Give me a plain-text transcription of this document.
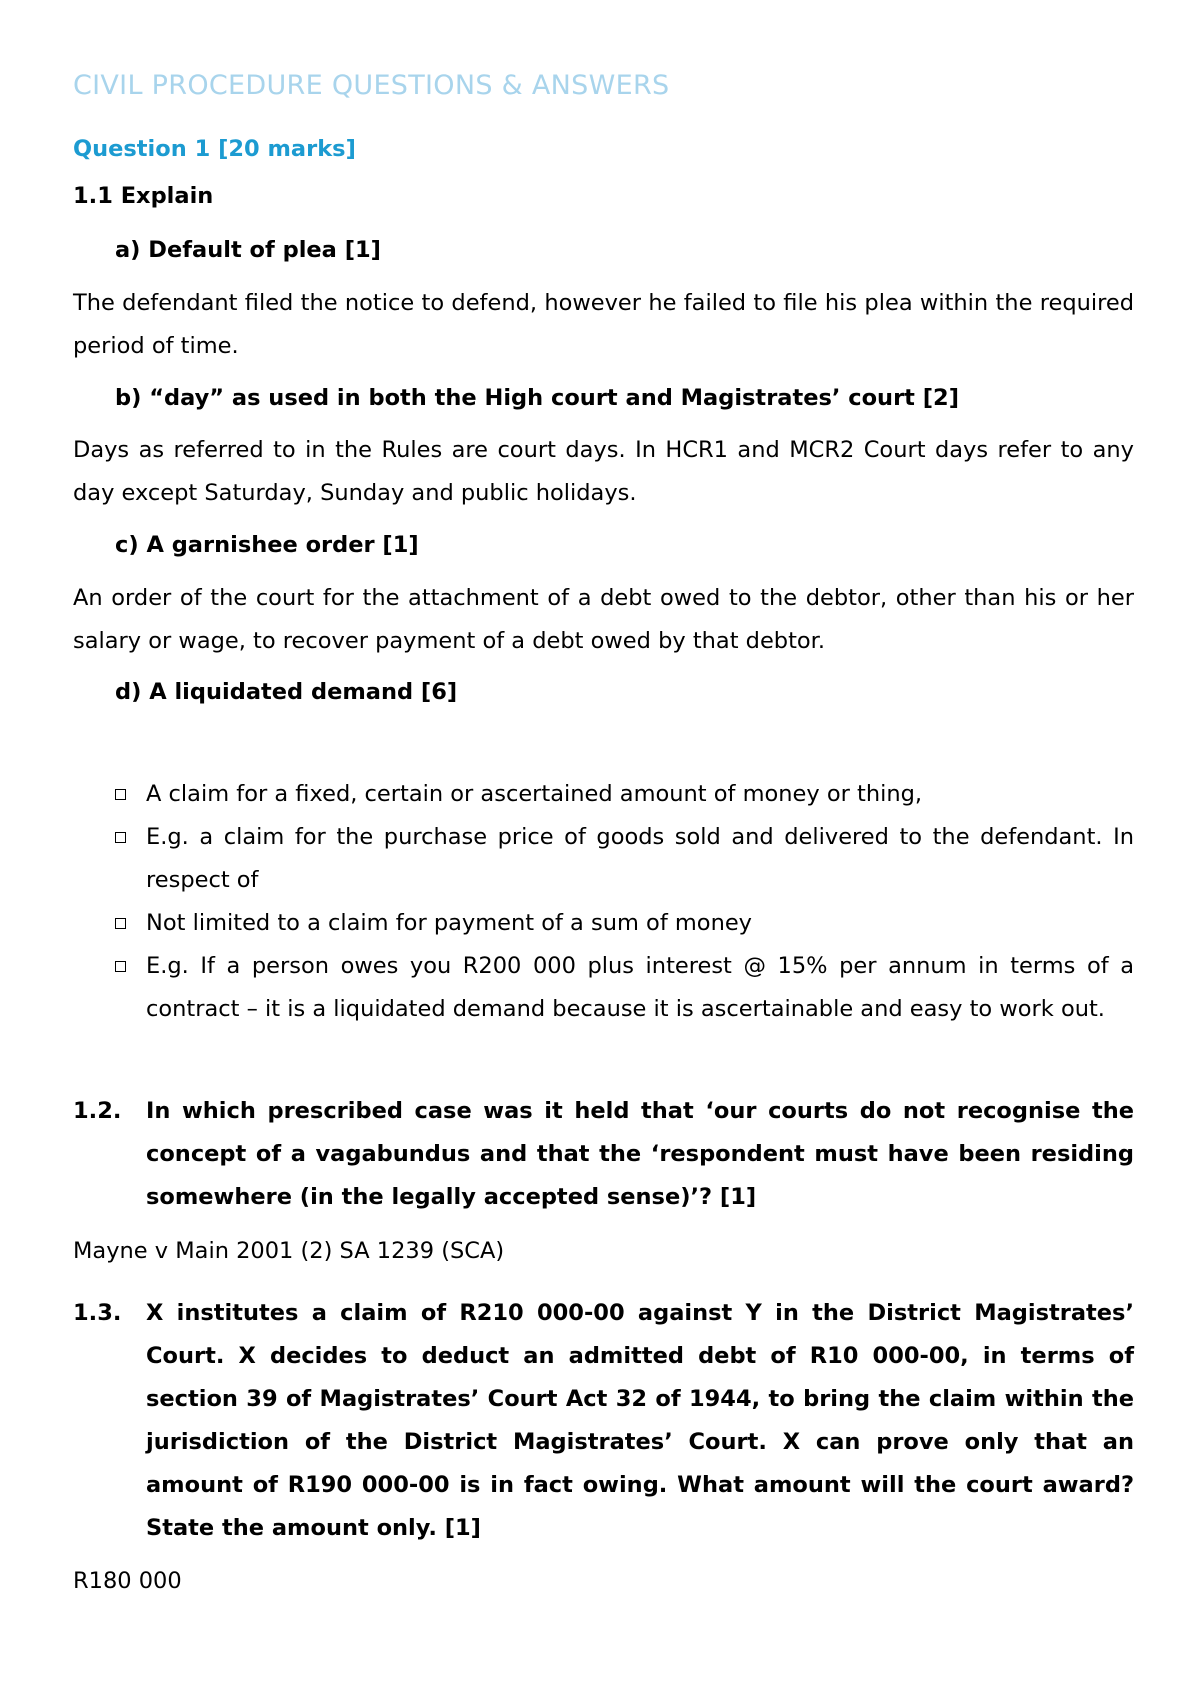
CIVIL PROCEDURE QUESTIONS & ANSWERS
Question 1 [20 marks]
1.1 Explain
a) Default of plea [1]
The defendant filed the notice to defend, however he failed to file his plea within the required period of time.
b) “day” as used in both the High court and Magistrates’ court [2]
Days as referred to in the Rules are court days. In HCR1 and MCR2 Court days refer to any day except Saturday, Sunday and public holidays.
c) A garnishee order [1]
An order of the court for the attachment of a debt owed to the debtor, other than his or her salary or wage, to recover payment of a debt owed by that debtor.
d) A liquidated demand [6]
A claim for a fixed, certain or ascertained amount of money or thing,
E.g. a claim for the purchase price of goods sold and delivered to the defendant. In respect of
Not limited to a claim for payment of a sum of money
E.g. If a person owes you R200 000 plus interest @ 15% per annum in terms of a contract – it is a liquidated demand because it is ascertainable and easy to work out.
1.2. In which prescribed case was it held that ‘our courts do not recognise the concept of a vagabundus and that the ‘respondent must have been residing somewhere (in the legally accepted sense)’? [1]
Mayne v Main 2001 (2) SA 1239 (SCA)
1.3. X institutes a claim of R210 000-00 against Y in the District Magistrates’ Court. X decides to deduct an admitted debt of R10 000-00, in terms of section 39 of Magistrates’ Court Act 32 of 1944, to bring the claim within the jurisdiction of the District Magistrates’ Court. X can prove only that an amount of R190 000-00 is in fact owing. What amount will the court award? State the amount only. [1]
R180 000
